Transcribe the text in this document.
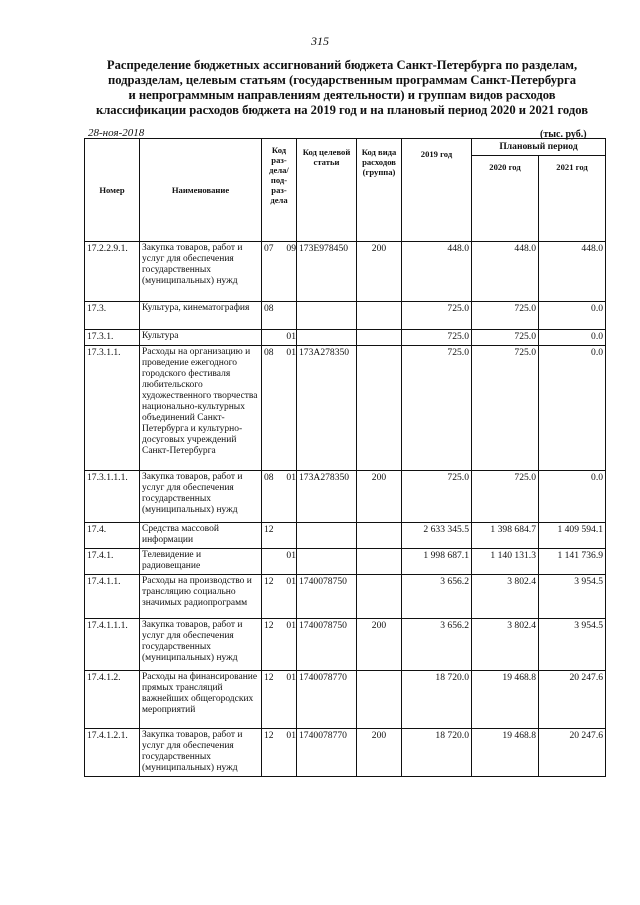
315
Распределение бюджетных ассигнований бюджета Санкт-Петербурга по разделам,
подразделам, целевым статьям (государственным программам Санкт-Петербурга
и непрограммным направлениям деятельности) и группам видов расходов
классификации расходов бюджета на 2019 год и на плановый период 2020 и 2021 годов
28-ноя-2018	(тыс. руб.)
Номер	Наименование	Код раз-дела/ под-раз-дела	Код целевой статьи	Код вида расходов (группа)	2019 год	Плановый период	
						2020 год	2021 год
17.2.2.9.1.	Закупка товаров, работ и услуг для обеспечения государственных (муниципальных) нужд	07 09	173E978450	200	448.0	448.0	448.0
17.3.	Культура, кинематография	08			725.0	725.0	0.0
17.3.1.	Культура	01			725.0	725.0	0.0
17.3.1.1.	Расходы на организацию и проведение ежегодного городского фестиваля любительского художественного творчества национально-культурных объединений Санкт-Петербурга и культурно-досуговых учреждений Санкт-Петербурга	08 01	173A278350		725.0	725.0	0.0
17.3.1.1.1.	Закупка товаров, работ и услуг для обеспечения государственных (муниципальных) нужд	08 01	173A278350	200	725.0	725.0	0.0
17.4.	Средства массовой информации	12			2 633 345.5	1 398 684.7	1 409 594.1
17.4.1.	Телевидение и радиовещание	01			1 998 687.1	1 140 131.3	1 141 736.9
17.4.1.1.	Расходы на производство и трансляцию социально значимых радиопрограмм	12 01	1740078750		3 656.2	3 802.4	3 954.5
17.4.1.1.1.	Закупка товаров, работ и услуг для обеспечения государственных (муниципальных) нужд	12 01	1740078750	200	3 656.2	3 802.4	3 954.5
17.4.1.2.	Расходы на финансирование прямых трансляций важнейших общегородских мероприятий	12 01	1740078770		18 720.0	19 468.8	20 247.6
17.4.1.2.1.	Закупка товаров, работ и услуг для обеспечения государственных (муниципальных) нужд	12 01	1740078770	200	18 720.0	19 468.8	20 247.6
